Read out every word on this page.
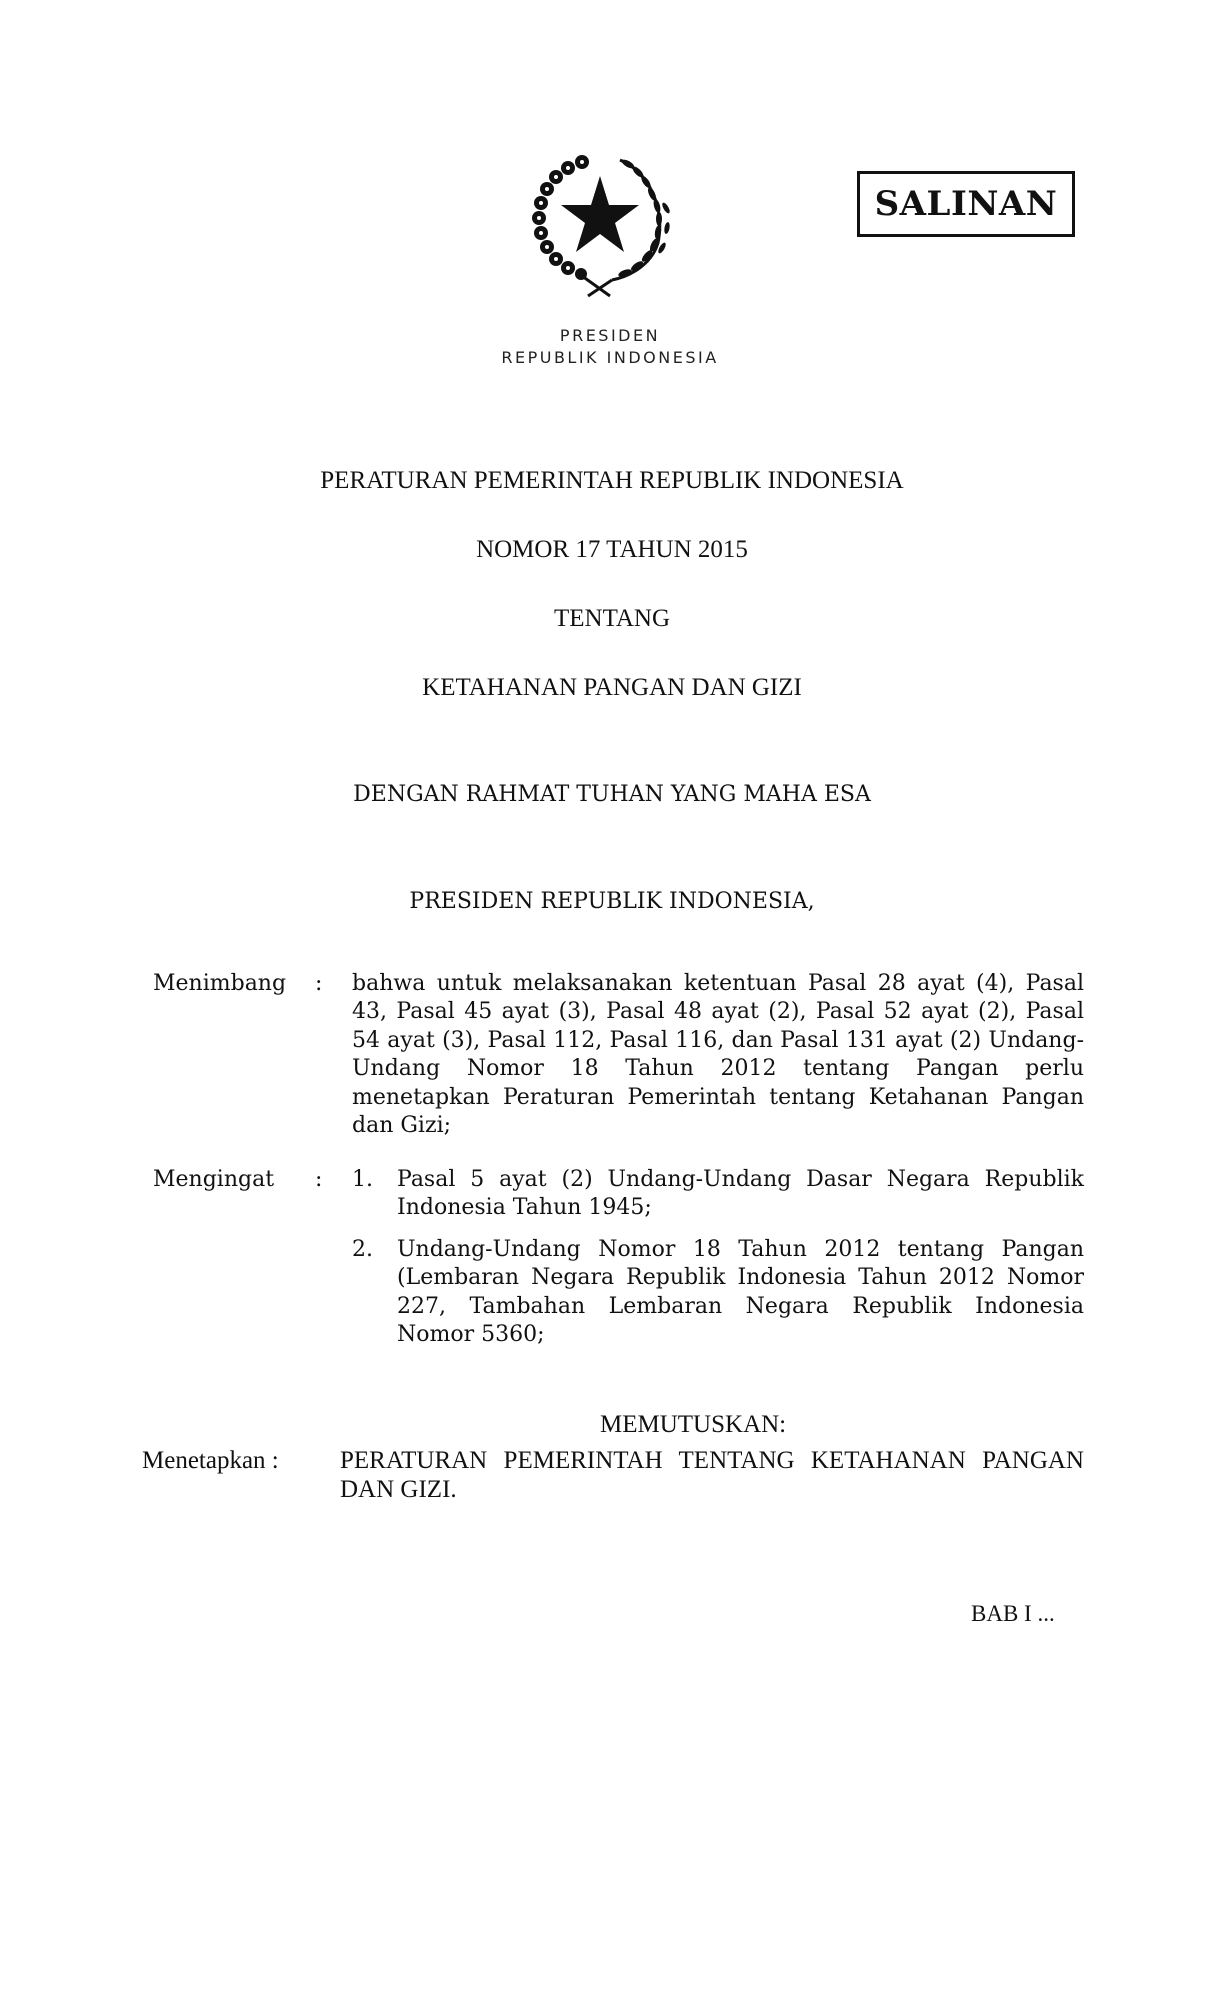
PRESIDEN
REPUBLIK INDONESIA
SALINAN
PERATURAN PEMERINTAH REPUBLIK INDONESIA
NOMOR 17 TAHUN 2015
TENTANG
KETAHANAN PANGAN DAN GIZI
DENGAN RAHMAT TUHAN YANG MAHA ESA
PRESIDEN REPUBLIK INDONESIA,
Menimbang : bahwa untuk melaksanakan ketentuan Pasal 28 ayat (4), Pasal 43, Pasal 45 ayat (3), Pasal 48 ayat (2), Pasal 52 ayat (2), Pasal 54 ayat (3), Pasal 112, Pasal 116, dan Pasal 131 ayat (2) Undang-Undang Nomor 18 Tahun 2012 tentang Pangan perlu menetapkan Peraturan Pemerintah tentang Ketahanan Pangan dan Gizi;
Mengingat : 1. Pasal 5 ayat (2) Undang-Undang Dasar Negara Republik Indonesia Tahun 1945;
2. Undang-Undang Nomor 18 Tahun 2012 tentang Pangan (Lembaran Negara Republik Indonesia Tahun 2012 Nomor 227, Tambahan Lembaran Negara Republik Indonesia Nomor 5360;
MEMUTUSKAN:
Menetapkan : PERATURAN PEMERINTAH TENTANG KETAHANAN PANGAN DAN GIZI.
BAB I ...
